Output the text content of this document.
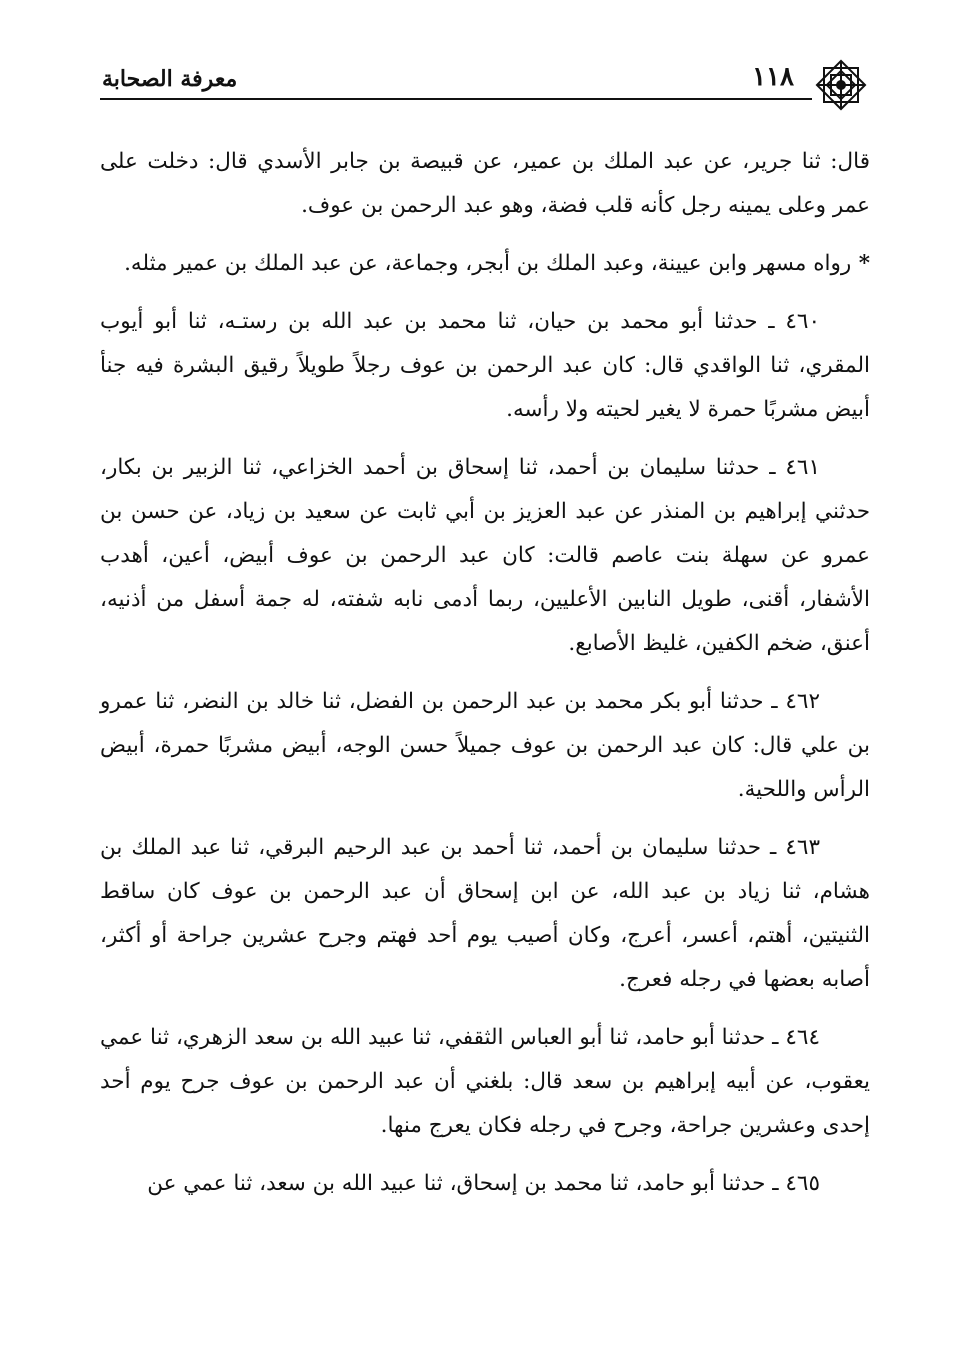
١١٨
معرفة الصحابة

قال: ثنا جرير، عن عبد الملك بن عمير، عن قبيصة بن جابر الأسدي قال: دخلت على عمر وعلى يمينه رجل كأنه قلب فضة، وهو عبد الرحمن بن عوف.

* رواه مسهر وابن عيينة، وعبد الملك بن أبجر، وجماعة، عن عبد الملك بن عمير مثله.

٤٦٠ ـ حدثنا أبو محمد بن حيان، ثنا محمد بن عبد الله بن رستـه، ثنا أبو أيوب المقري، ثنا الواقدي قال: كان عبد الرحمن بن عوف رجلاً طويلاً رقيق البشرة فيه جنأ أبيض مشربًا حمرة لا يغير لحيته ولا رأسه.

٤٦١ ـ حدثنا سليمان بن أحمد، ثنا إسحاق بن أحمد الخزاعي، ثنا الزبير بن بكار، حدثني إبراهيم بن المنذر عن عبد العزيز بن أبي ثابت عن سعيد بن زياد، عن حسن بن عمرو عن سهلة بنت عاصم قالت: كان عبد الرحمن بن عوف أبيض، أعين، أهدب الأشفار، أقنى، طويل النابين الأعليين، ربما أدمى نابه شفته، له جمة أسفل من أذنيه، أعنق، ضخم الكفين، غليظ الأصابع.

٤٦٢ ـ حدثنا أبو بكر محمد بن عبد الرحمن بن الفضل، ثنا خالد بن النضر، ثنا عمرو بن علي قال: كان عبد الرحمن بن عوف جميلاً حسن الوجه، أبيض مشربًا حمرة، أبيض الرأس واللحية.

٤٦٣ ـ حدثنا سليمان بن أحمد، ثنا أحمد بن عبد الرحيم البرقي، ثنا عبد الملك بن هشام، ثنا زياد بن عبد الله، عن ابن إسحاق أن عبد الرحمن بن عوف كان ساقط الثنيتين، أهتم، أعسر، أعرج، وكان أصيب يوم أحد فهتم وجرح عشرين جراحة أو أكثر، أصابه بعضها في رجله فعرج.

٤٦٤ ـ حدثنا أبو حامد، ثنا أبو العباس الثقفي، ثنا عبيد الله بن سعد الزهري، ثنا عمي يعقوب، عن أبيه إبراهيم بن سعد قال: بلغني أن عبد الرحمن بن عوف جرح يوم أحد إحدى وعشرين جراحة، وجرح في رجله فكان يعرج منها.

٤٦٥ ـ حدثنا أبو حامد، ثنا محمد بن إسحاق، ثنا عبيد الله بن سعد، ثنا عمي عن
